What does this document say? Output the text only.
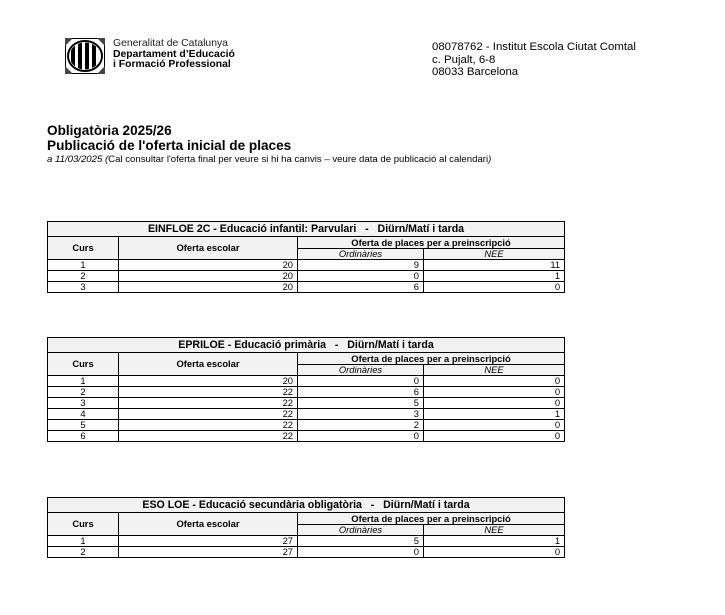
Generalitat de Catalunya
Departament d’Educació
i Formació Professional
08078762 - Institut Escola Ciutat Comtal
c. Pujalt, 6-8
08033 Barcelona
Obligatòria 2025/26
Publicació de l'oferta inicial de places
a 11/03/2025 (Cal consultar l'oferta final per veure si hi ha canvis – veure data de publicació al calendari)
EINFLOE 2C - Educació infantil: Parvulari   -   Diürn/Matí i tarda			
Curs	Oferta escolar	Oferta de places per a preinscripció	
		Ordinàries	NEE
1	20	9	11
2	20	0	1
3	20	6	0
EPRILOE - Educació primària   -   Diürn/Matí i tarda			
Curs	Oferta escolar	Oferta de places per a preinscripció	
		Ordinàries	NEE
1	20	0	0
2	22	6	0
3	22	5	0
4	22	3	1
5	22	2	0
6	22	0	0
ESO LOE - Educació secundària obligatòria   -   Diürn/Matí i tarda			
Curs	Oferta escolar	Oferta de places per a preinscripció	
		Ordinàries	NEE
1	27	5	1
2	27	0	0
